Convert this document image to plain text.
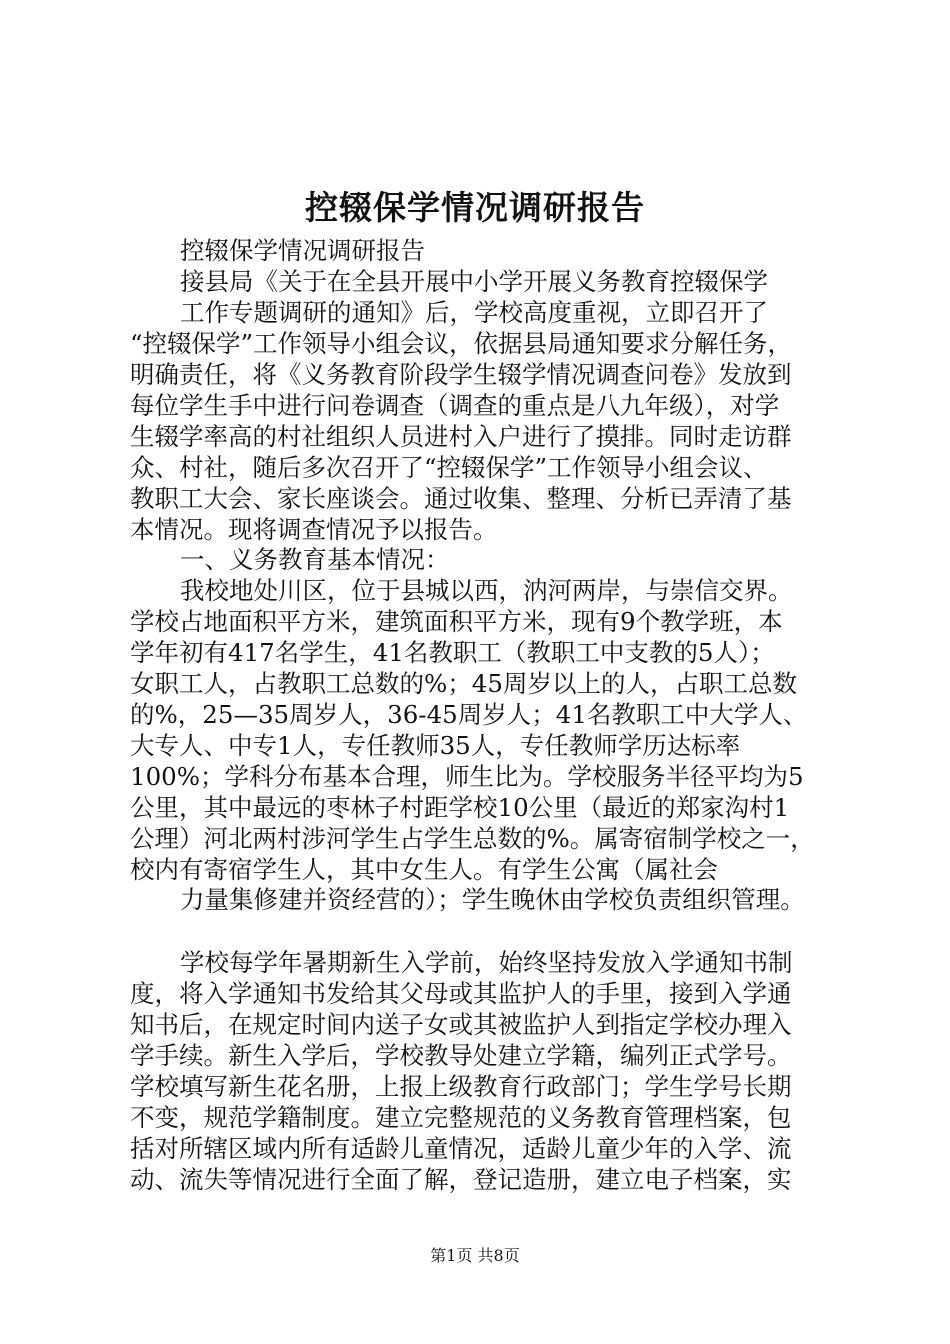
控辍保学情况调研报告
控辍保学情况调研报告
接县局《关于在全县开展中小学开展义务教育控辍保学
工作专题调研的通知》后，学校高度重视，立即召开了
“控辍保学”工作领导小组会议，依据县局通知要求分解任务，
明确责任，将《义务教育阶段学生辍学情况调查问卷》发放到
每位学生手中进行问卷调查（调查的重点是八九年级），对学
生辍学率高的村社组织人员进村入户进行了摸排。同时走访群
众、村社，随后多次召开了“控辍保学”工作领导小组会议、
教职工大会、家长座谈会。通过收集、整理、分析已弄清了基
本情况。现将调查情况予以报告。
一、义务教育基本情况：
我校地处川区，位于县城以西，汭河两岸，与崇信交界。
学校占地面积平方米，建筑面积平方米，现有9个教学班，本
学年初有417名学生，41名教职工（教职工中支教的5人）；
女职工人，占教职工总数的%；45周岁以上的人，占职工总数
的%，25—35周岁人，36-45周岁人；41名教职工中大学人、
大专人、中专1人，专任教师35人，专任教师学历达标率
100%；学科分布基本合理，师生比为。学校服务半径平均为5
公里，其中最远的枣林子村距学校10公里（最近的郑家沟村1
公理）河北两村涉河学生占学生总数的%。属寄宿制学校之一，
校内有寄宿学生人，其中女生人。有学生公寓（属社会
力量集修建并资经营的）；学生晚休由学校负责组织管理。
学校每学年暑期新生入学前，始终坚持发放入学通知书制
度，将入学通知书发给其父母或其监护人的手里，接到入学通
知书后，在规定时间内送子女或其被监护人到指定学校办理入
学手续。新生入学后，学校教导处建立学籍，编列正式学号。
学校填写新生花名册，上报上级教育行政部门；学生学号长期
不变，规范学籍制度。建立完整规范的义务教育管理档案，包
括对所辖区域内所有适龄儿童情况，适龄儿童少年的入学、流
动、流失等情况进行全面了解，登记造册，建立电子档案，实
第1页 共8页
